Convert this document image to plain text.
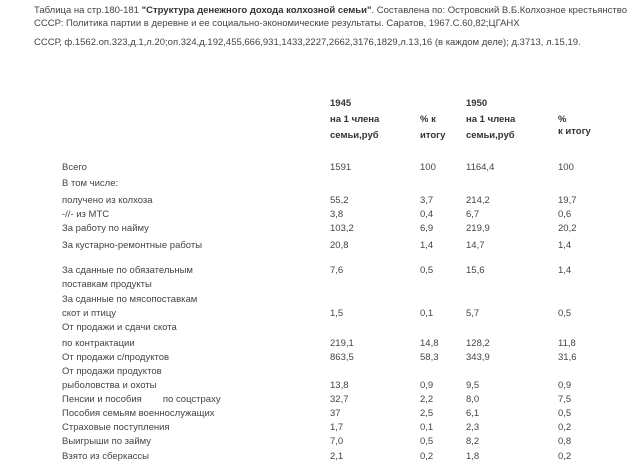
Таблица на стр.180-181 "Структура денежного дохода колхозной семьи". Составлена по: Островский В.Б.Колхозное крестьянство СССР: Политика партии в деревне и ее социально-экономические результаты. Саратов, 1967.С.60,82;ЦГАНХ

СССР, ф.1562.оп.323,д.1,л.20;оп.324,д.192,455,666,931,1433,2227,2662,3176,1829,л.13,16 (в каждом деле); д.3713, л.15,19.

1945
на 1 члена
семьи,руб
% к
итогу
1950
на 1 члена
семьи,руб
%
к итогу
Всего	1591	100	1164,4	100
В том числе:
получено из колхоза	55,2	3,7	214,2	19,7
-//- из МТС	3,8	0,4	6,7	0,6
За работу по найму	103,2	6,9	219,9	20,2
За кустарно-ремонтные работы	20,8	1,4	14,7	1,4
За сданные по обязательным	7,6	0,5	15,6	1,4
поставкам продукты
За сданные по мясопоставкам
скот и птицу	1,5	0,1	5,7	0,5
От продажи и сдачи скота
по контрактации	219,1	14,8	128,2	11,8
От продажи с/продуктов	863,5	58,3	343,9	31,6
От продажи продуктов
рыболовства и охоты	13,8	0,9	9,5	0,9
Пенсии и пособия        по соцстраху	32,7	2,2	8,0	7,5
Пособия семьям военнослужащих	37	2,5	6,1	0,5
Страховые поступления	1,7	0,1	2,3	0,2
Выигрыши по займу	7,0	0,5	8,2	0,8
Взято из сберкассы	2,1	0,2	1,8	0,2
